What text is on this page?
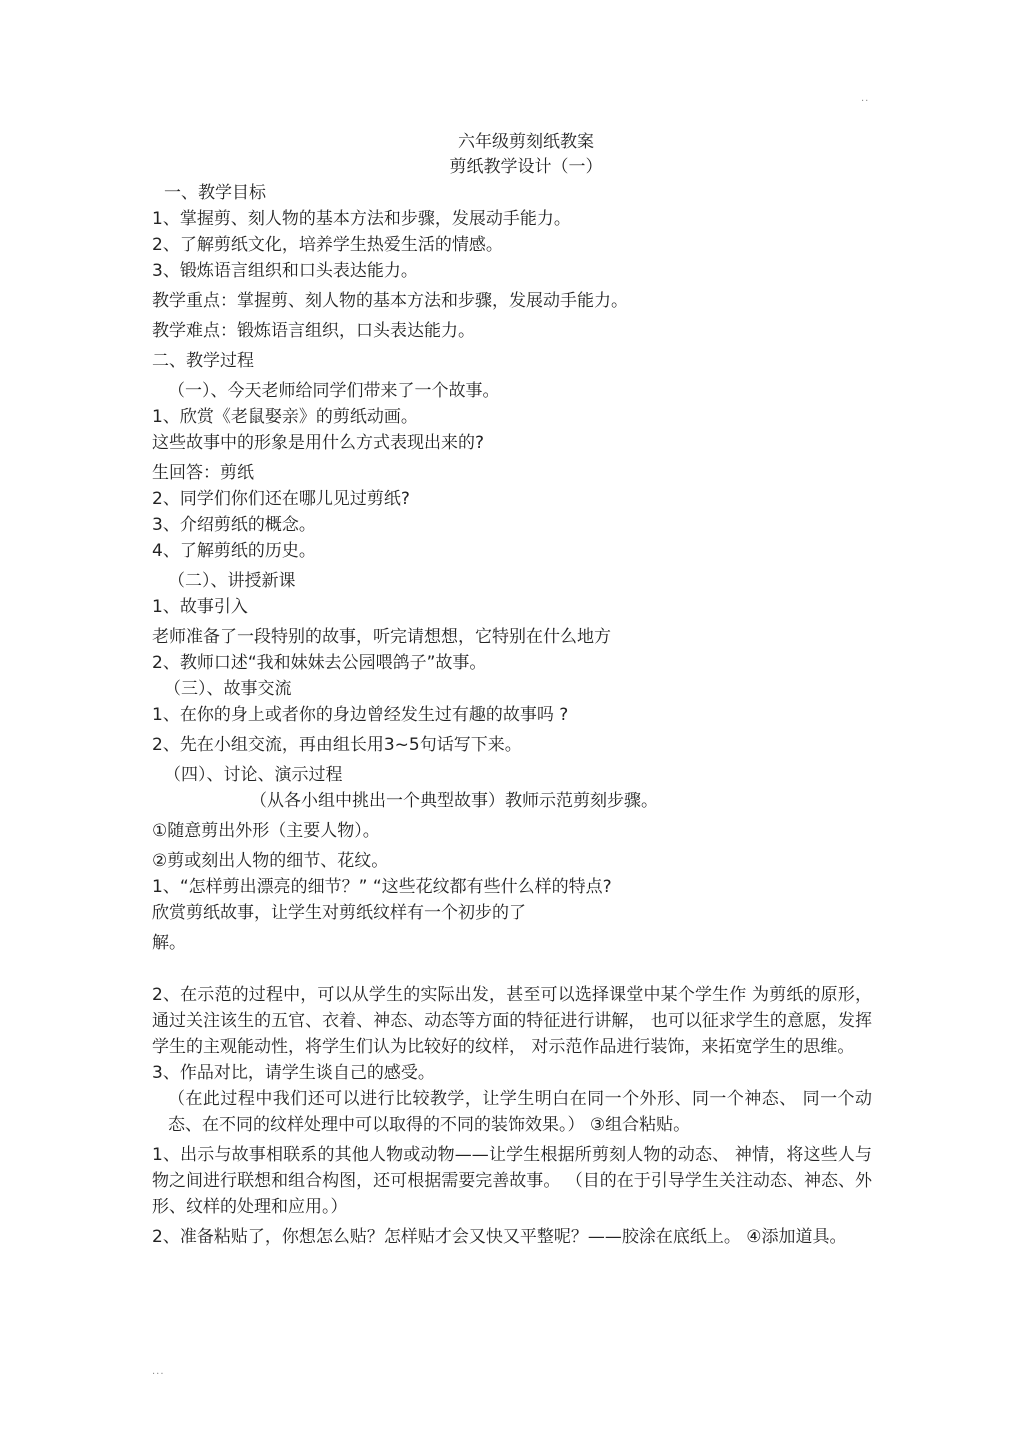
..
六年级剪刻纸教案
剪纸教学设计（一）

一、教学目标

1、掌握剪、刻人物的基本方法和步骤，发展动手能力。

2、了解剪纸文化，培养学生热爱生活的情感。

3、锻炼语言组织和口头表达能力。

教学重点：掌握剪、刻人物的基本方法和步骤，发展动手能力。

教学难点：锻炼语言组织，口头表达能力。

二、教学过程

（一）、今天老师给同学们带来了一个故事。

1、欣赏《老鼠娶亲》的剪纸动画。

这些故事中的形象是用什么方式表现出来的?

生回答：剪纸

2、同学们你们还在哪儿见过剪纸?

3、介绍剪纸的概念。

4、了解剪纸的历史。

（二）、讲授新课

1、故事引入

老师准备了一段特别的故事，听完请想想，它特别在什么地方

2、教师口述“我和妹妹去公园喂鸽子”故事。

（三）、故事交流

1、在你的身上或者你的身边曾经发生过有趣的故事吗 ?

2、先在小组交流，再由组长用3~5句话写下来。

（四）、讨论、演示过程

（从各小组中挑出一个典型故事）教师示范剪刻步骤。

①随意剪出外形（主要人物）。

②剪或刻出人物的细节、花纹。

1、“怎样剪出漂亮的细节？” “这些花纹都有些什么样的特点?

欣赏剪纸故事，让学生对剪纸纹样有一个初步的了

解。

2、在示范的过程中，可以从学生的实际出发，甚至可以选择课堂中某个学生作 为剪纸的原形，通过关注该生的五官、衣着、神态、动态等方面的特征进行讲解， 也可以征求学生的意愿，发挥学生的主观能动性，将学生们认为比较好的纹样， 对示范作品进行装饰，来拓宽学生的思维。

3、作品对比，请学生谈自己的感受。

（在此过程中我们还可以进行比较教学，让学生明白在同一个外形、同一个神态、 同一个动态、在不同的纹样处理中可以取得的不同的装饰效果。） ③组合粘贴。

1、出示与故事相联系的其他人物或动物——让学生根据所剪刻人物的动态、 神情，将这些人与物之间进行联想和组合构图，还可根据需要完善故事。 （目的在于引导学生关注动态、神态、外形、纹样的处理和应用。）

2、准备粘贴了，你想怎么贴？怎样贴才会又快又平整呢？——胶涂在底纸上。 ④添加道具。

...
